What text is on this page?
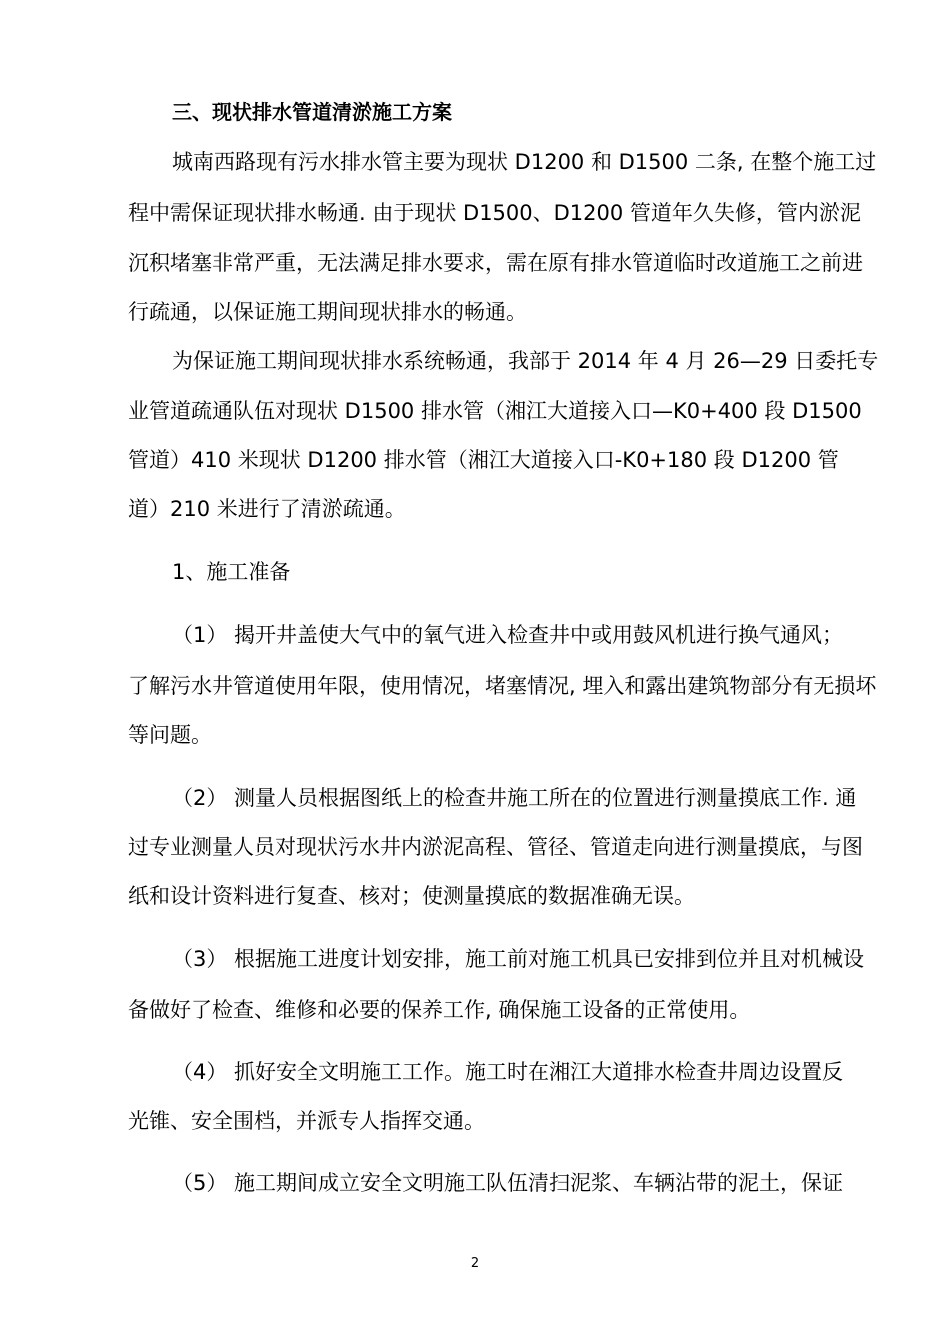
三、现状排水管道清淤施工方案
城南西路现有污水排水管主要为现状 D1200 和 D1500 二条, 在整个施工过
程中需保证现状排水畅通. 由于现状 D1500、D1200 管道年久失修，管内淤泥
沉积堵塞非常严重，无法满足排水要求，需在原有排水管道临时改道施工之前进
行疏通，以保证施工期间现状排水的畅通。
为保证施工期间现状排水系统畅通，我部于 2014 年 4 月 26—29 日委托专
业管道疏通队伍对现状 D1500 排水管（湘江大道接入口—K0+400 段 D1500
管道）410 米现状 D1200 排水管（湘江大道接入口-K0+180 段 D1200 管
道）210 米进行了清淤疏通。
1、施工准备
（1） 揭开井盖使大气中的氧气进入检查井中或用鼓风机进行换气通风；
了解污水井管道使用年限，使用情况，堵塞情况, 埋入和露出建筑物部分有无损坏
等问题。
（2） 测量人员根据图纸上的检查井施工所在的位置进行测量摸底工作. 通
过专业测量人员对现状污水井内淤泥高程、管径、管道走向进行测量摸底，与图
纸和设计资料进行复查、核对；使测量摸底的数据准确无误。
（3） 根据施工进度计划安排，施工前对施工机具已安排到位并且对机械设
备做好了检查、维修和必要的保养工作, 确保施工设备的正常使用。
（4） 抓好安全文明施工工作。施工时在湘江大道排水检查井周边设置反
光锥、安全围档，并派专人指挥交通。
（5） 施工期间成立安全文明施工队伍清扫泥浆、车辆沾带的泥土，保证
2
